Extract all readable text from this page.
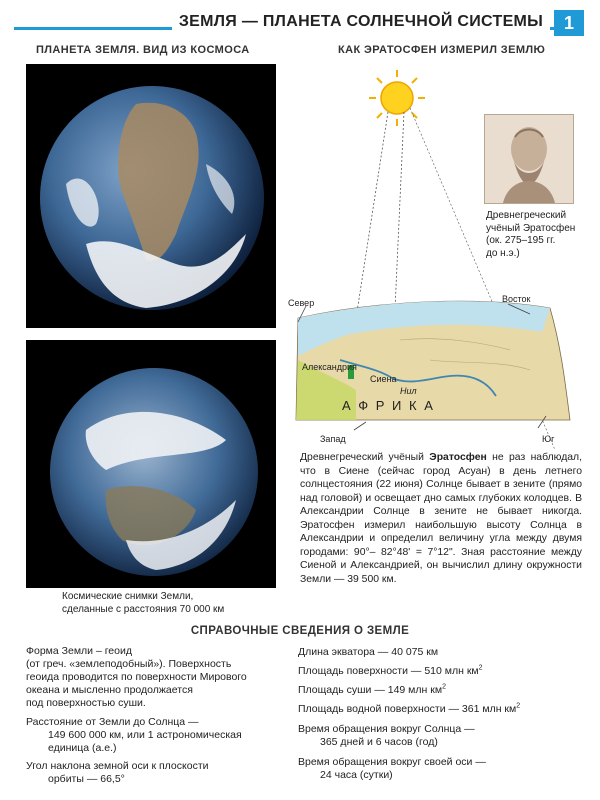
ЗЕМЛЯ — ПЛАНЕТА СОЛНЕЧНОЙ СИСТЕМЫ	1
ПЛАНЕТА ЗЕМЛЯ. ВИД ИЗ КОСМОСА
Космические снимки Земли,
сделанные с расстояния 70 000 км
КАК ЭРАТОСФЕН ИЗМЕРИЛ ЗЕМЛЮ
Север	Восток
Запад	Юг
Александрия
Сиена
Нил
А Ф Р И К А
Древнегреческий
учёный Эратосфен
(ок. 275–195 гг.
до н.э.)
Древнегреческий учёный Эратосфен не раз наблюдал, что в Сиене (сейчас город Асуан) в день летнего солнцестояния (22 июня) Солнце бывает в зените (прямо над головой) и освещает дно самых глубоких колодцев. В Александрии Солнце в зените не бывает никогда. Эратосфен измерил наибольшую высоту Солнца в Александрии и определил величину угла между двумя городами: 90°– 82°48' = 7°12". Зная расстояние между Сиеной и Александрией, он вычислил длину окружности Земли — 39 500 км.
СПРАВОЧНЫЕ СВЕДЕНИЯ О ЗЕМЛЕ
Форма Земли – геоид
(от греч. «землеподобный»). Поверхность
геоида проводится по поверхности Мирового
океана и мысленно продолжается
под поверхностью суши.
Расстояние от Земли до Солнца —
149 600 000 км, или 1 астрономическая
единица (а.е.)
Угол наклона земной оси к плоскости
орбиты — 66,5°
Длина экватора — 40 075 км
Площадь поверхности — 510 млн $км^2$
Площадь суши — 149 млн $км^2$
Площадь водной поверхности — 361 млн $км^2$
Время обращения вокруг Солнца —
365 дней и 6 часов (год)
Время обращения вокруг своей оси —
24 часа (сутки)
